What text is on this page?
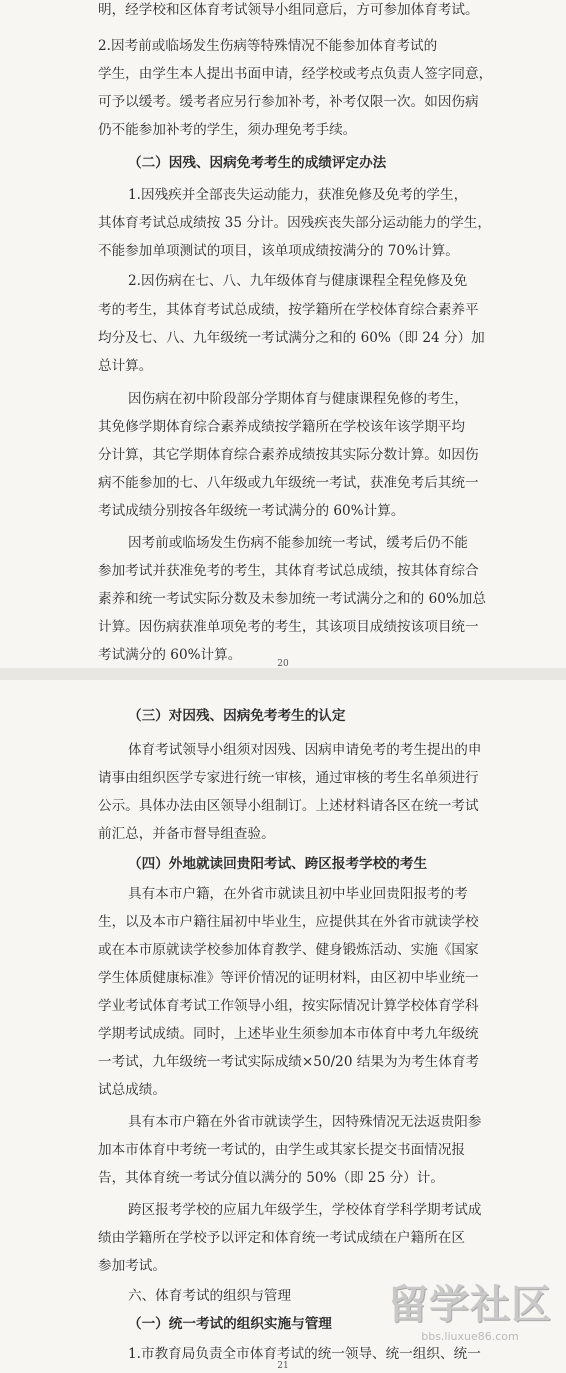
明，经学校和区体育考试领导小组同意后，方可参加体育考试。
2.因考前或临场发生伤病等特殊情况不能参加体育考试的
学生，由学生本人提出书面申请，经学校或考点负责人签字同意，
可予以缓考。缓考者应另行参加补考，补考仅限一次。如因伤病
仍不能参加补考的学生，须办理免考手续。
（二）因残、因病免考考生的成绩评定办法
1.因残疾并全部丧失运动能力，获准免修及免考的学生，
其体育考试总成绩按 35 分计。因残疾丧失部分运动能力的学生，
不能参加单项测试的项目，该单项成绩按满分的 70%计算。
2.因伤病在七、八、九年级体育与健康课程全程免修及免
考的考生，其体育考试总成绩，按学籍所在学校体育综合素养平
均分及七、八、九年级统一考试满分之和的 60%（即 24 分）加
总计算。
因伤病在初中阶段部分学期体育与健康课程免修的考生，
其免修学期体育综合素养成绩按学籍所在学校该年该学期平均
分计算，其它学期体育综合素养成绩按其实际分数计算。如因伤
病不能参加的七、八年级或九年级统一考试，获准免考后其统一
考试成绩分别按各年级统一考试满分的 60%计算。
因考前或临场发生伤病不能参加统一考试，缓考后仍不能
参加考试并获准免考的考生，其体育考试总成绩，按其体育综合
素养和统一考试实际分数及未参加统一考试满分之和的 60%加总
计算。因伤病获准单项免考的考生，其该项目成绩按该项目统一
考试满分的 60%计算。
20
（三）对因残、因病免考考生的认定
体育考试领导小组须对因残、因病申请免考的考生提出的申
请事由组织医学专家进行统一审核，通过审核的考生名单须进行
公示。具体办法由区领导小组制订。上述材料请各区在统一考试
前汇总，并备市督导组查验。
（四）外地就读回贵阳考试、跨区报考学校的考生
具有本市户籍，在外省市就读且初中毕业回贵阳报考的考
生，以及本市户籍往届初中毕业生，应提供其在外省市就读学校
或在本市原就读学校参加体育教学、健身锻炼活动、实施《国家
学生体质健康标准》等评价情况的证明材料，由区初中毕业统一
学业考试体育考试工作领导小组，按实际情况计算学校体育学科
学期考试成绩。同时，上述毕业生须参加本市体育中考九年级统
一考试，九年级统一考试实际成绩×50/20 结果为为考生体育考
试总成绩。
具有本市户籍在外省市就读学生，因特殊情况无法返贵阳参
加本市体育中考统一考试的，由学生或其家长提交书面情况报
告，其体育统一考试分值以满分的 50%（即 25 分）计。
跨区报考学校的应届九年级学生，学校体育学科学期考试成
绩由学籍所在学校予以评定和体育统一考试成绩在户籍所在区
参加考试。
六、体育考试的组织与管理
（一）统一考试的组织实施与管理
1.市教育局负责全市体育考试的统一领导、统一组织、统一
21
留学社区
bbs.liuxue86.com
